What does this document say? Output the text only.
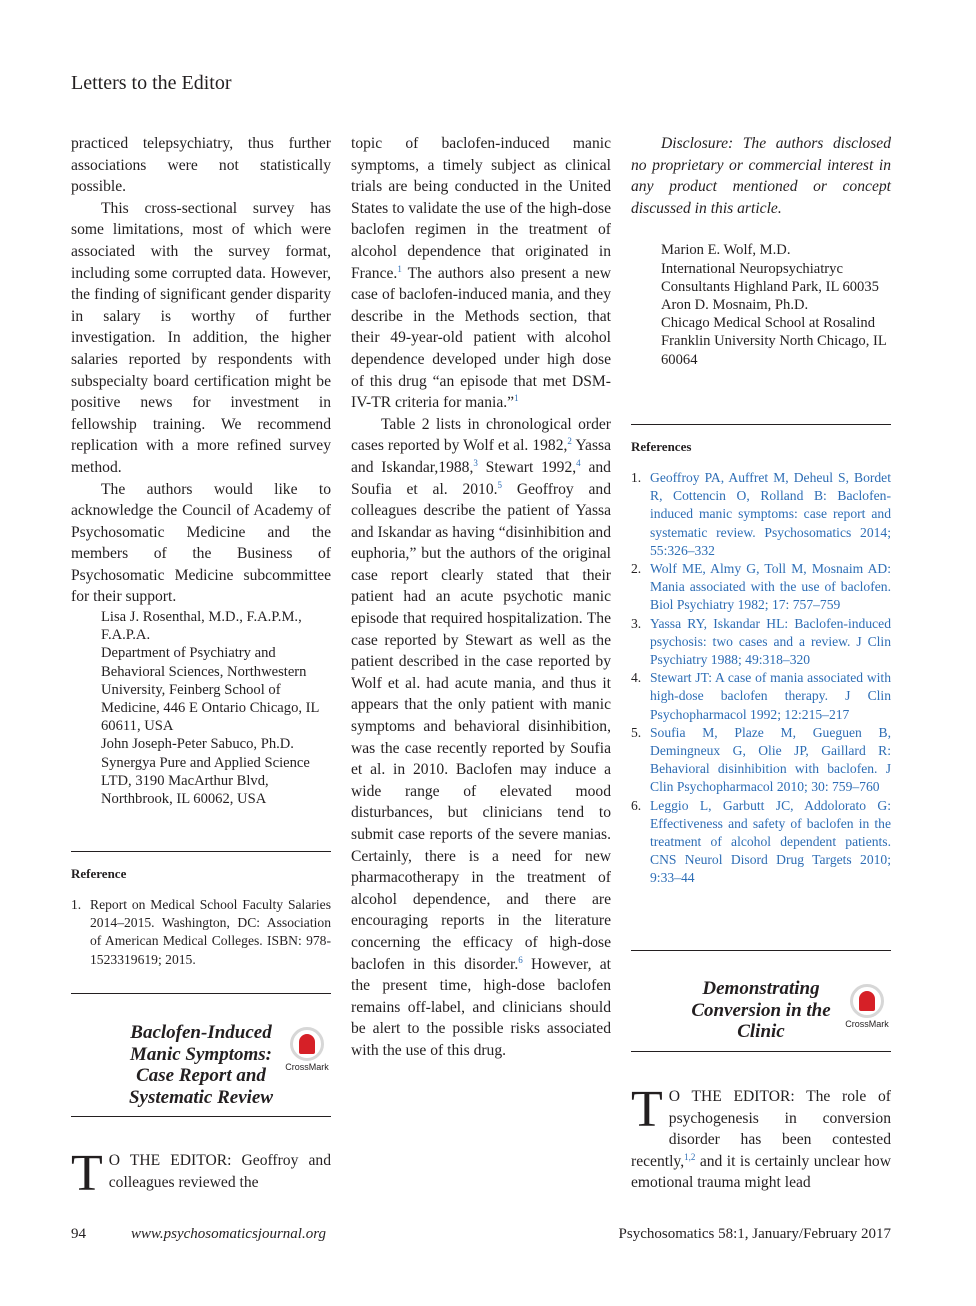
Letters to the Editor

practiced telepsychiatry, thus further associations were not statistically possible.

This cross-sectional survey has some limitations, most of which were associated with the survey format, including some corrupted data. However, the finding of significant gender disparity in salary is worthy of further investigation. In addition, the higher salaries reported by respondents with subspecialty board certification might be positive news for investment in fellowship training. We recommend replication with a more refined survey method.

The authors would like to acknowledge the Council of Academy of Psychosomatic Medicine and the members of the Business of Psychosomatic Medicine subcommittee for their support.

Lisa J. Rosenthal, M.D., F.A.P.M., F.A.P.A.
Department of Psychiatry and Behavioral Sciences, Northwestern University, Feinberg School of Medicine, 446 E Ontario Chicago, IL 60611, USA
John Joseph-Peter Sabuco, Ph.D.
Synergya Pure and Applied Science LTD, 3190 MacArthur Blvd, Northbrook, IL 60062, USA
Reference
1. Report on Medical School Faculty Salaries 2014–2015. Washington, DC: Association of American Medical Colleges. ISBN: 978-1523319619; 2015.
Baclofen-Induced Manic Symptoms: Case Report and Systematic Review
CrossMark

T O THE EDITOR: Geoffroy and colleagues reviewed the

topic of baclofen-induced manic symptoms, a timely subject as clinical trials are being conducted in the United States to validate the use of the high-dose baclofen regimen in the treatment of alcohol dependence that originated in France.$^1$ The authors also present a new case of baclofen-induced mania, and they describe in the Methods section, that their 49-year-old patient with alcohol dependence developed under high dose of this drug “an episode that met DSM-IV-TR criteria for mania.”$^1$

Table 2 lists in chronological order cases reported by Wolf et al. 1982,$^2$ Yassa and Iskandar,1988,$^3$ Stewart 1992,$^4$ and Soufia et al. 2010.$^5$ Geoffroy and colleagues describe the patient of Yassa and Iskandar as having “disinhibition and euphoria,” but the authors of the original case report clearly stated that their patient had an acute psychotic manic episode that required hospitalization. The case reported by Stewart as well as the patient described in the case reported by Wolf et al. had acute mania, and thus it appears that the only patient with manic symptoms and behavioral disinhibition, was the case recently reported by Soufia et al. in 2010. Baclofen may induce a wide range of elevated mood disturbances, but clinicians tend to submit case reports of the severe manias. Certainly, there is a need for new pharmacotherapy in the treatment of alcohol dependence, and there are encouraging reports in the literature concerning the efficacy of high-dose baclofen in this disorder.$^6$ However, at the present time, high-dose baclofen remains off-label, and clinicians should be alert to the possible risks associated with the use of this drug.

Disclosure: The authors disclosed no proprietary or commercial interest in any product mentioned or concept discussed in this article.

Marion E. Wolf, M.D.
International Neuropsychiatryc Consultants Highland Park, IL 60035
Aron D. Mosnaim, Ph.D.
Chicago Medical School at Rosalind Franklin University North Chicago, IL 60064
References
1. Geoffroy PA, Auffret M, Deheul S, Bordet R, Cottencin O, Rolland B: Baclofen-induced manic symptoms: case report and systematic review. Psychosomatics 2014; 55:326–332
2. Wolf ME, Almy G, Toll M, Mosnaim AD: Mania associated with the use of baclofen. Biol Psychiatry 1982; 17: 757–759
3. Yassa RY, Iskandar HL: Baclofen-induced psychosis: two cases and a review. J Clin Psychiatry 1988; 49:318–320
4. Stewart JT: A case of mania associated with high-dose baclofen therapy. J Clin Psychopharmacol 1992; 12:215–217
5. Soufia M, Plaze M, Gueguen B, Demingneux G, Olie JP, Gaillard R: Behavioral disinhibition with baclofen. J Clin Psychopharmacol 2010; 30: 759–760
6. Leggio L, Garbutt JC, Addolorato G: Effectiveness and safety of baclofen in the treatment of alcohol dependent patients. CNS Neurol Disord Drug Targets 2010; 9:33–44
Demonstrating Conversion in the Clinic	CrossMark

T O THE EDITOR: The role of psychogenesis in conversion disorder has been contested recently,$^{1,2}$ and it is certainly unclear how emotional trauma might lead

94	www.psychosomaticsjournal.org	Psychosomatics 58:1, January/February 2017
